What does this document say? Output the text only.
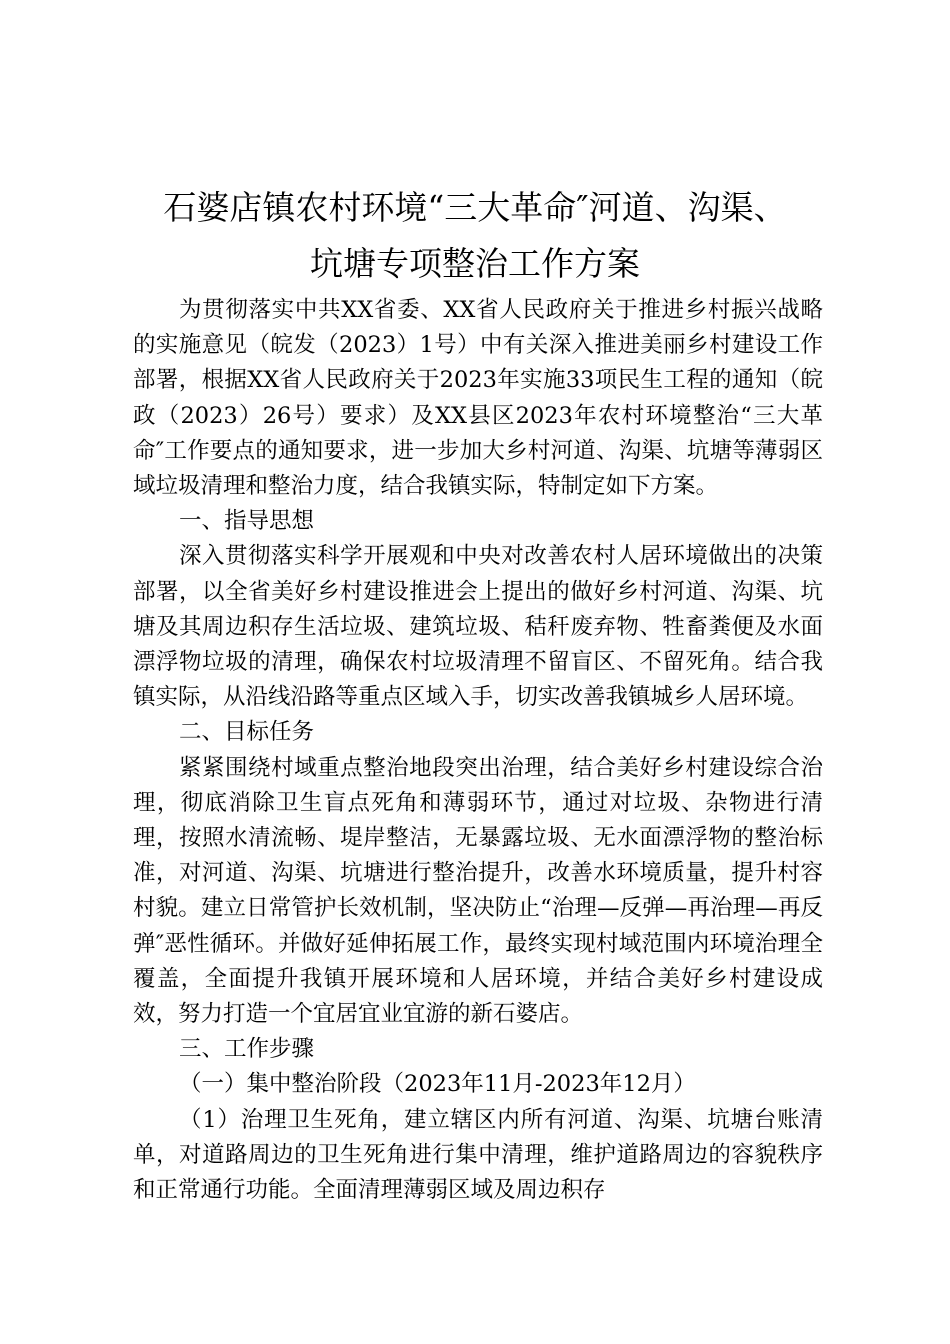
石婆店镇农村环境“三大革命″河道、沟渠、
坑塘专项整治工作方案

为贯彻落实中共XX省委、XX省人民政府关于推进乡村振兴战略的实施意见（皖发（2023）1号）中有关深入推进美丽乡村建设工作部署，根据XX省人民政府关于2023年实施33项民生工程的通知（皖政（2023）26号）要求）及XX县区2023年农村环境整治“三大革命″工作要点的通知要求，进一步加大乡村河道、沟渠、坑塘等薄弱区域垃圾清理和整治力度，结合我镇实际，特制定如下方案。

一、指导思想

深入贯彻落实科学开展观和中央对改善农村人居环境做出的决策部署，以全省美好乡村建设推进会上提出的做好乡村河道、沟渠、坑塘及其周边积存生活垃圾、建筑垃圾、秸秆废弃物、牲畜粪便及水面漂浮物垃圾的清理，确保农村垃圾清理不留盲区、不留死角。结合我镇实际，从沿线沿路等重点区域入手，切实改善我镇城乡人居环境。

二、目标任务

紧紧围绕村域重点整治地段突出治理，结合美好乡村建设综合治理，彻底消除卫生盲点死角和薄弱环节，通过对垃圾、杂物进行清理，按照水清流畅、堤岸整洁，无暴露垃圾、无水面漂浮物的整治标准，对河道、沟渠、坑塘进行整治提升，改善水环境质量，提升村容村貌。建立日常管护长效机制，坚决防止“治理—反弹—再治理—再反弹″恶性循环。并做好延伸拓展工作，最终实现村域范围内环境治理全覆盖，全面提升我镇开展环境和人居环境，并结合美好乡村建设成效，努力打造一个宜居宜业宜游的新石婆店。

三、工作步骤

（一）集中整治阶段（2023年11月-2023年12月）

（1）治理卫生死角，建立辖区内所有河道、沟渠、坑塘台账清单，对道路周边的卫生死角进行集中清理，维护道路周边的容貌秩序和正常通行功能。全面清理薄弱区域及周边积存
